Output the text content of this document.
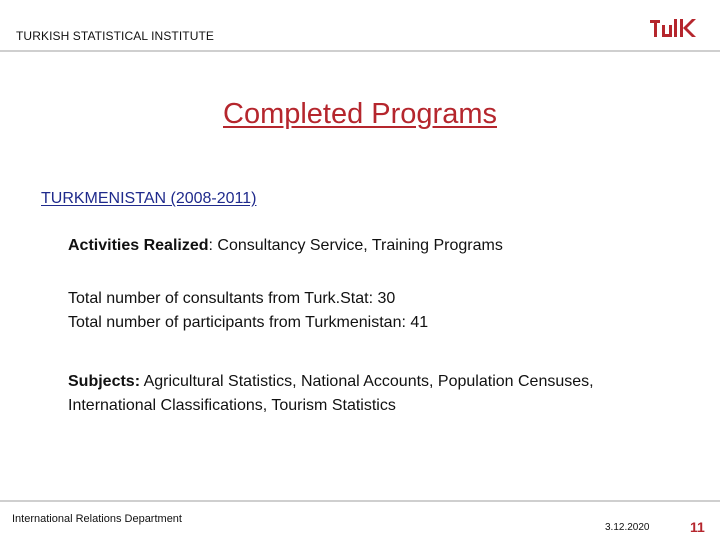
TURKISH STATISTICAL INSTITUTE
Completed Programs
TURKMENISTAN (2008-2011)
Activities Realized: Consultancy Service, Training Programs
Total number of consultants from Turk.Stat: 30
Total number of participants from Turkmenistan: 41
Subjects: Agricultural Statistics, National Accounts, Population Censuses,
International Classifications, Tourism Statistics
International Relations Department
3.12.2020	11
